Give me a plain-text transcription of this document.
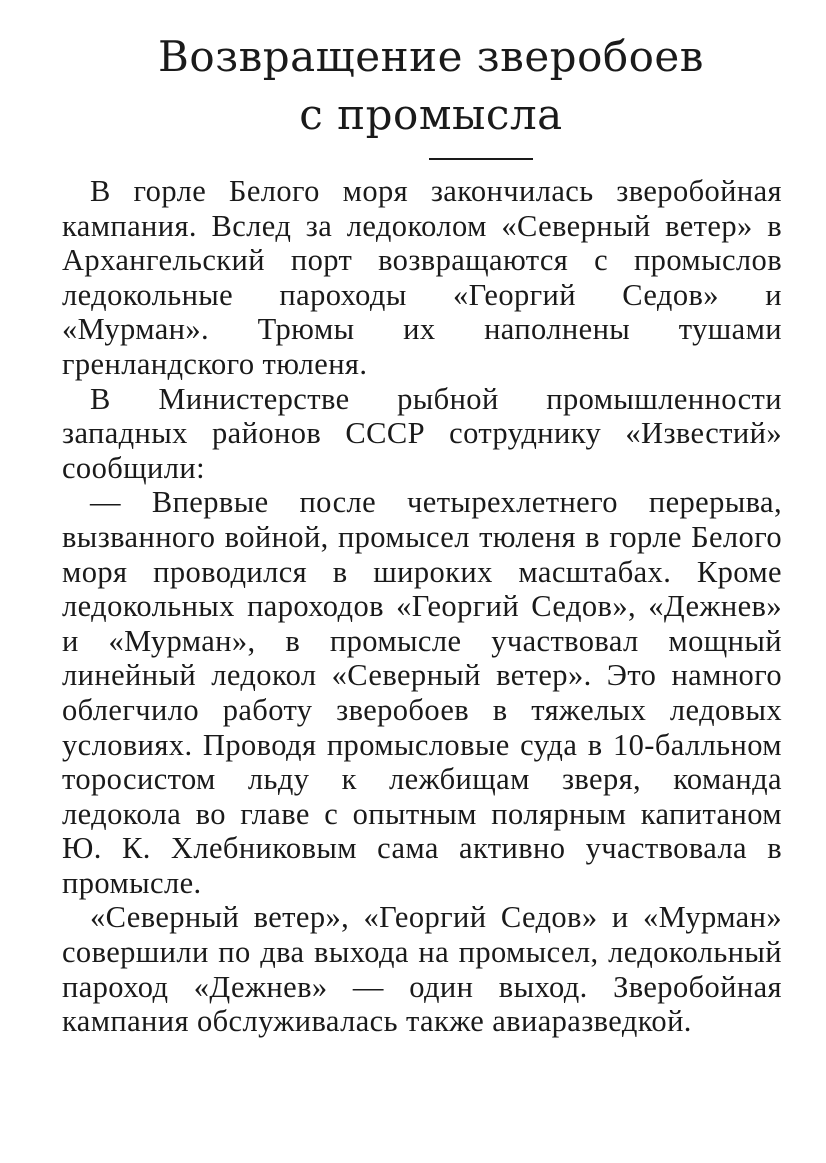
Возвращение зверобоев
с промысла

В горле Белого моря закончилась зверобойная кампания. Вслед за ледоколом «Северный ветер» в Архангельский порт возвращаются с промыслов ледокольные пароходы «Георгий Седов» и «Мурман». Трюмы их наполнены тушами гренландского тюленя.

В Министерстве рыбной промышленности западных районов СССР сотруднику «Известий» сообщили:

— Впервые после четырехлетнего перерыва, вызванного войной, промысел тюленя в горле Белого моря проводился в широких масштабах. Кроме ледокольных пароходов «Георгий Седов», «Дежнев» и «Мурман», в промысле участвовал мощный линейный ледокол «Северный ветер». Это намного облегчило работу зверобоев в тяжелых ледовых условиях. Проводя промысловые суда в 10-балльном торосистом льду к лежбищам зверя, команда ледокола во главе с опытным полярным капитаном Ю. К. Хлебниковым сама активно участвовала в промысле.

«Северный ветер», «Георгий Седов» и «Мурман» совершили по два выхода на промысел, ледокольный пароход «Дежнев» — один выход. Зверобойная кампания обслуживалась также авиаразведкой.
